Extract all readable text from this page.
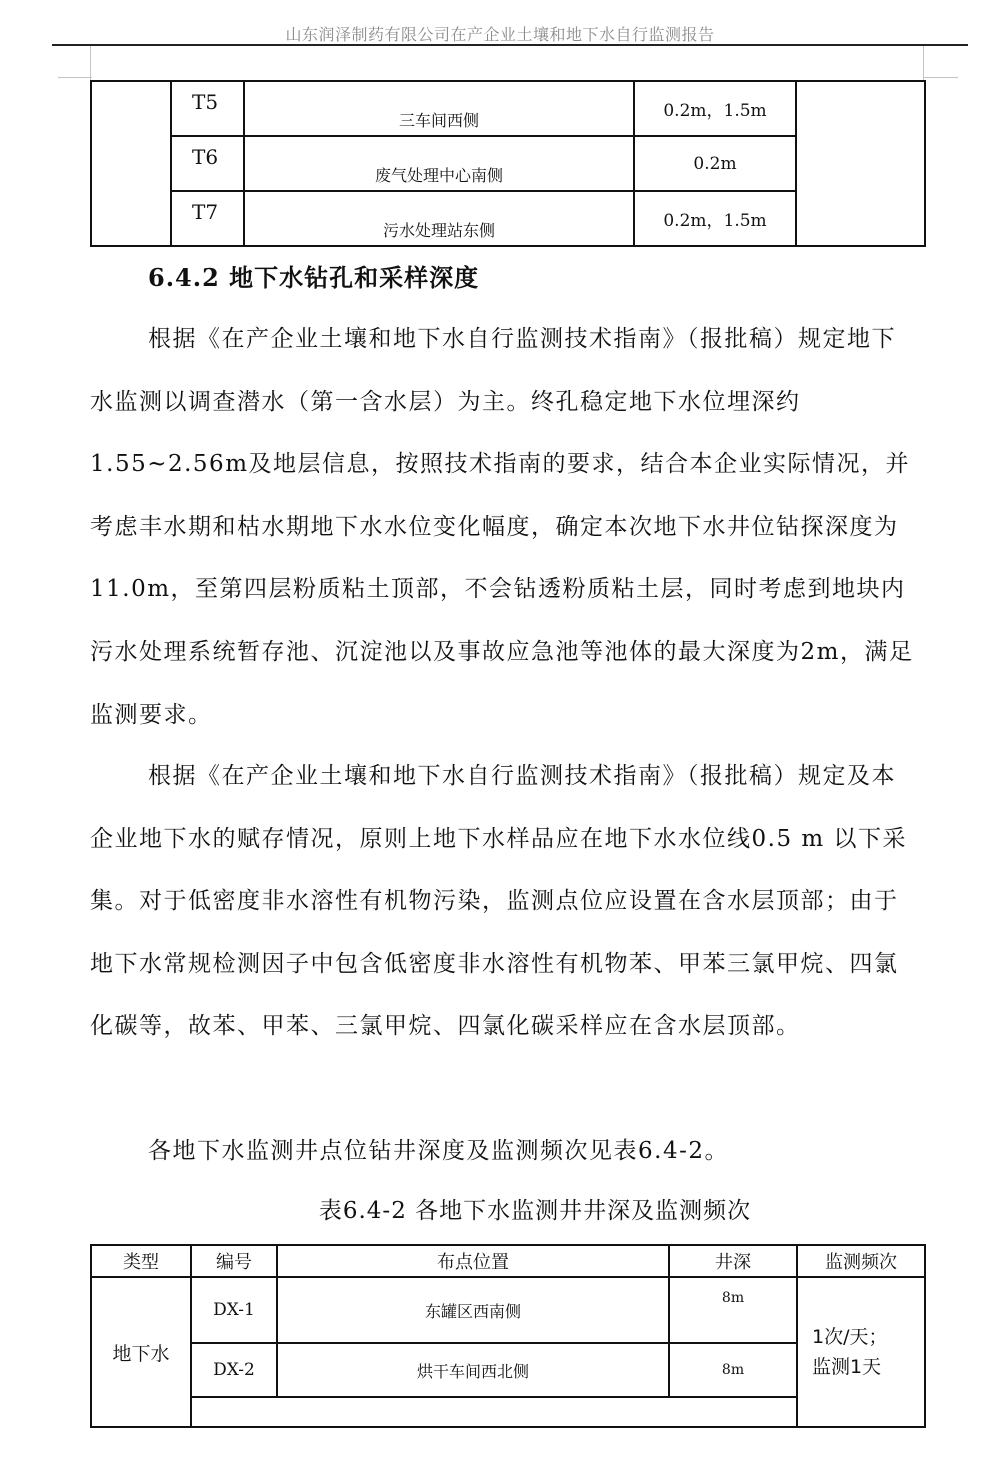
山东润泽制药有限公司在产企业土壤和地下水自行监测报告
	T5	三车间西侧	0.2m，1.5m	
	T6	废气处理中心南侧	0.2m	
	T7	污水处理站东侧	0.2m，1.5m	
6.4.2 地下水钻孔和采样深度

根据《在产企业土壤和地下水自行监测技术指南》（报批稿）规定地下水监测以调查潜水（第一含水层）为主。终孔稳定地下水位埋深约1.55~2.56m及地层信息，按照技术指南的要求，结合本企业实际情况，并考虑丰水期和枯水期地下水水位变化幅度，确定本次地下水井位钻探深度为11.0m，至第四层粉质粘土顶部，不会钻透粉质粘土层，同时考虑到地块内污水处理系统暂存池、沉淀池以及事故应急池等池体的最大深度为2m，满足监测要求。

根据《在产企业土壤和地下水自行监测技术指南》（报批稿）规定及本企业地下水的赋存情况，原则上地下水样品应在地下水水位线0.5 m 以下采集。对于低密度非水溶性有机物污染，监测点位应设置在含水层顶部；由于地下水常规检测因子中包含低密度非水溶性有机物苯、甲苯三氯甲烷、四氯化碳等，故苯、甲苯、三氯甲烷、四氯化碳采样应在含水层顶部。

各地下水监测井点位钻井深度及监测频次见表6.4-2。

表6.4-2 各地下水监测井井深及监测频次
类型	编号	布点位置	井深	监测频次
地下水	DX-1	东罐区西南侧	8m	1次/天；
监测1天

	DX-2	烘干车间西北侧	8m	
